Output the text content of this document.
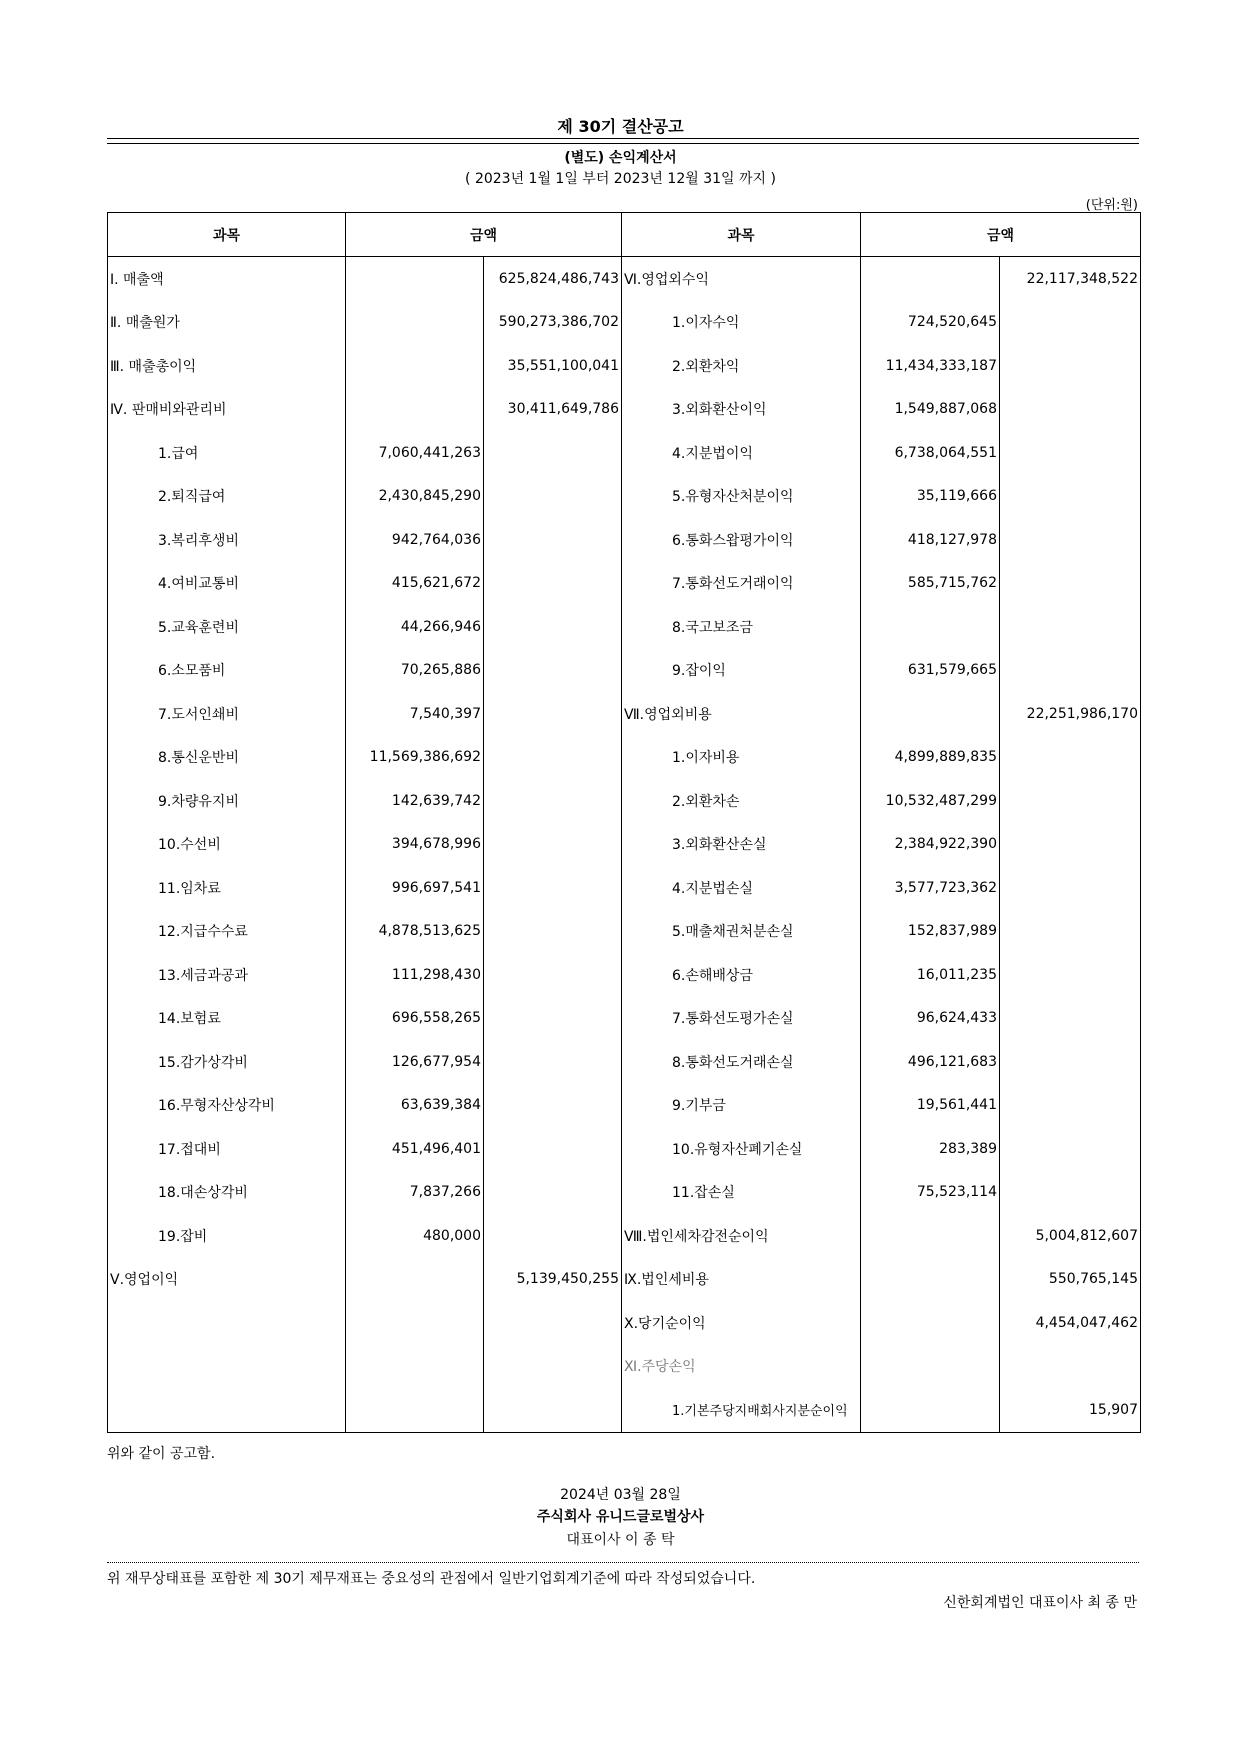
제 30기 결산공고
(별도) 손익계산서
( 2023년 1월 1일 부터 2023년 12월 31일 까지 )
(단위:원)
과목	금액		과목	금액	
Ⅰ. 매출액		625,824,486,743	Ⅵ.영업외수익		22,117,348,522
Ⅱ. 매출원가		590,273,386,702	1.이자수익	724,520,645	
Ⅲ. 매출총이익		35,551,100,041	2.외환차익	11,434,333,187	
Ⅳ. 판매비와관리비		30,411,649,786	3.외화환산이익	1,549,887,068	
1.급여	7,060,441,263		4.지분법이익	6,738,064,551	
2.퇴직급여	2,430,845,290		5.유형자산처분이익	35,119,666	
3.복리후생비	942,764,036		6.통화스왑평가이익	418,127,978	
4.여비교통비	415,621,672		7.통화선도거래이익	585,715,762	
5.교육훈련비	44,266,946		8.국고보조금		
6.소모품비	70,265,886		9.잡이익	631,579,665	
7.도서인쇄비	7,540,397		Ⅶ.영업외비용		22,251,986,170
8.통신운반비	11,569,386,692		1.이자비용	4,899,889,835	
9.차량유지비	142,639,742		2.외환차손	10,532,487,299	
10.수선비	394,678,996		3.외화환산손실	2,384,922,390	
11.임차료	996,697,541		4.지분법손실	3,577,723,362	
12.지급수수료	4,878,513,625		5.매출채권처분손실	152,837,989	
13.세금과공과	111,298,430		6.손해배상금	16,011,235	
14.보험료	696,558,265		7.통화선도평가손실	96,624,433	
15.감가상각비	126,677,954		8.통화선도거래손실	496,121,683	
16.무형자산상각비	63,639,384		9.기부금	19,561,441	
17.접대비	451,496,401		10.유형자산폐기손실	283,389	
18.대손상각비	7,837,266		11.잡손실	75,523,114	
19.잡비	480,000		Ⅷ.법인세차감전순이익		5,004,812,607
Ⅴ.영업이익		5,139,450,255	Ⅸ.법인세비용		550,765,145
			Ⅹ.당기순이익		4,454,047,462
			Ⅺ.주당손익		
			1.기본주당지배회사지분순이익		15,907
위와 같이 공고함.
2024년 03월 28일
주식회사 유니드글로벌상사
대표이사 이 종 탁
위 재무상태표를 포함한 제 30기 제무재표는 중요성의 관점에서 일반기업회계기준에 따라 작성되었습니다.
신한회계법인 대표이사 최 종 만
